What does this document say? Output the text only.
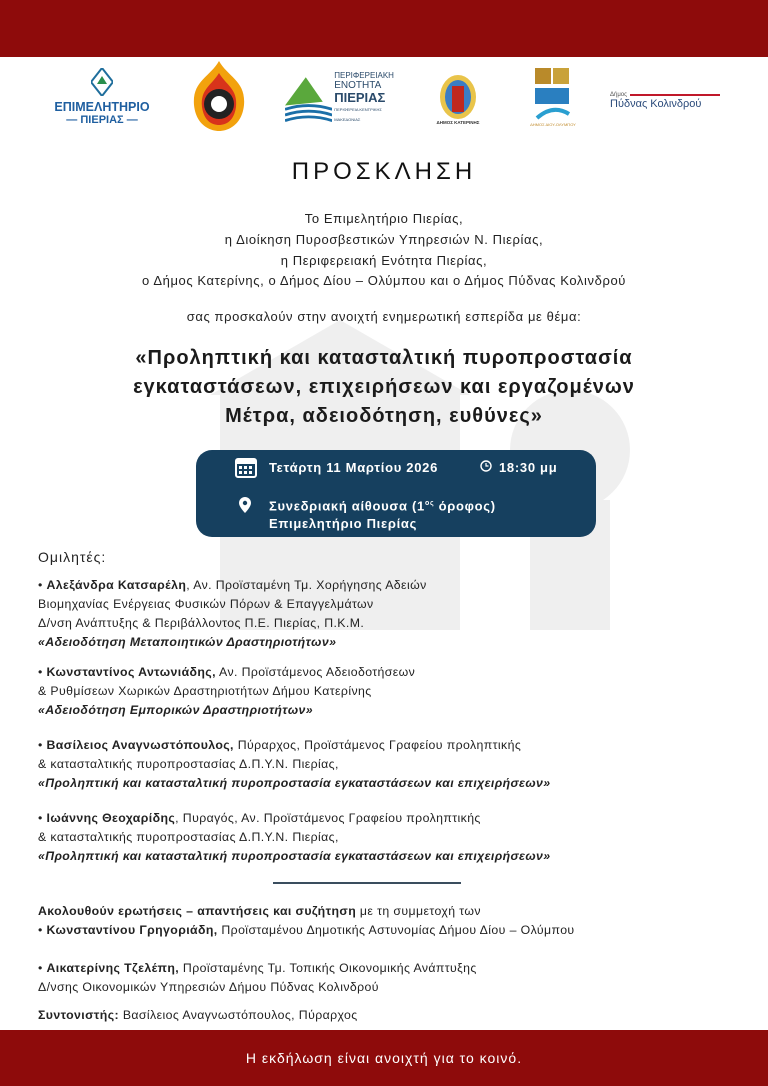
ΕΠΙΜΕΛΗΤΗΡΙΟ
— ΠΙΕΡΙΑΣ —
ΠΕΡΙΦΕΡΕΙΑΚΗ
ΕΝΟΤΗΤΑ
ΠΙΕΡΙΑΣ
ΠΕΡΙΦΕΡΕΙΑ ΚΕΝΤΡΙΚΗΣ ΜΑΚΕΔΟΝΙΑΣ	ΔΗΜΟΣ ΚΑΤΕΡΙΝΗΣ	ΔΗΜΟΣ ΔΙΟΥ-ΟΛΥΜΠΟΥ
Δήμος
Πύδνας Κολινδρού
ΠΡΟΣΚΛΗΣΗ
Το Επιμελητήριο Πιερίας,
η Διοίκηση Πυροσβεστικών Υπηρεσιών Ν. Πιερίας,
η Περιφερειακή Ενότητα Πιερίας,
ο Δήμος Κατερίνης, ο Δήμος Δίου – Ολύμπου και ο Δήμος Πύδνας Κολινδρού
σας προσκαλούν στην ανοιχτή ενημερωτική εσπερίδα με θέμα:
«Προληπτική και κατασταλτική πυροπροστασία
εγκαταστάσεων, επιχειρήσεων και εργαζομένων
Μέτρα, αδειοδότηση, ευθύνες»
Τετάρτη 11 Μαρτίου 2026	18:30 μμ
Συνεδριακή αίθουσα ($1^{o\varsigma}$ όροφος)
Επιμελητήριο Πιερίας
Ομιλητές:
• Αλεξάνδρα Κατσαρέλη, Αν. Προϊσταμένη Τμ. Χορήγησης Αδειών
Βιομηχανίας Ενέργειας Φυσικών Πόρων & Επαγγελμάτων
Δ/νση Ανάπτυξης & Περιβάλλοντος Π.Ε. Πιερίας, Π.Κ.Μ.
«Αδειοδότηση Μεταποιητικών Δραστηριοτήτων»
• Κωνσταντίνος Αντωνιάδης, Αν. Προϊστάμενος Αδειοδοτήσεων
& Ρυθμίσεων Χωρικών Δραστηριοτήτων Δήμου Κατερίνης
«Αδειοδότηση Εμπορικών Δραστηριοτήτων»
• Βασίλειος Αναγνωστόπουλος, Πύραρχος, Προϊστάμενος Γραφείου προληπτικής
& κατασταλτικής πυροπροστασίας Δ.Π.Υ.Ν. Πιερίας,
«Προληπτική και κατασταλτική πυροπροστασία εγκαταστάσεων και επιχειρήσεων»
• Ιωάννης Θεοχαρίδης, Πυραγός, Αν. Προϊστάμενος Γραφείου προληπτικής
& κατασταλτικής πυροπροστασίας Δ.Π.Υ.Ν. Πιερίας,
«Προληπτική και κατασταλτική πυροπροστασία εγκαταστάσεων και επιχειρήσεων»
Ακολουθούν ερωτήσεις – απαντήσεις και συζήτηση με τη συμμετοχή των
• Κωνσταντίνου Γρηγοριάδη, Προϊσταμένου Δημοτικής Αστυνομίας Δήμου Δίου – Ολύμπου
• Αικατερίνης Τζελέπη, Προϊσταμένης Τμ. Τοπικής Οικονομικής Ανάπτυξης
Δ/νσης Οικονομικών Υπηρεσιών Δήμου Πύδνας Κολινδρού
Συντονιστής: Βασίλειος Αναγνωστόπουλος, Πύραρχος
Η εκδήλωση είναι ανοιχτή για το κοινό.
